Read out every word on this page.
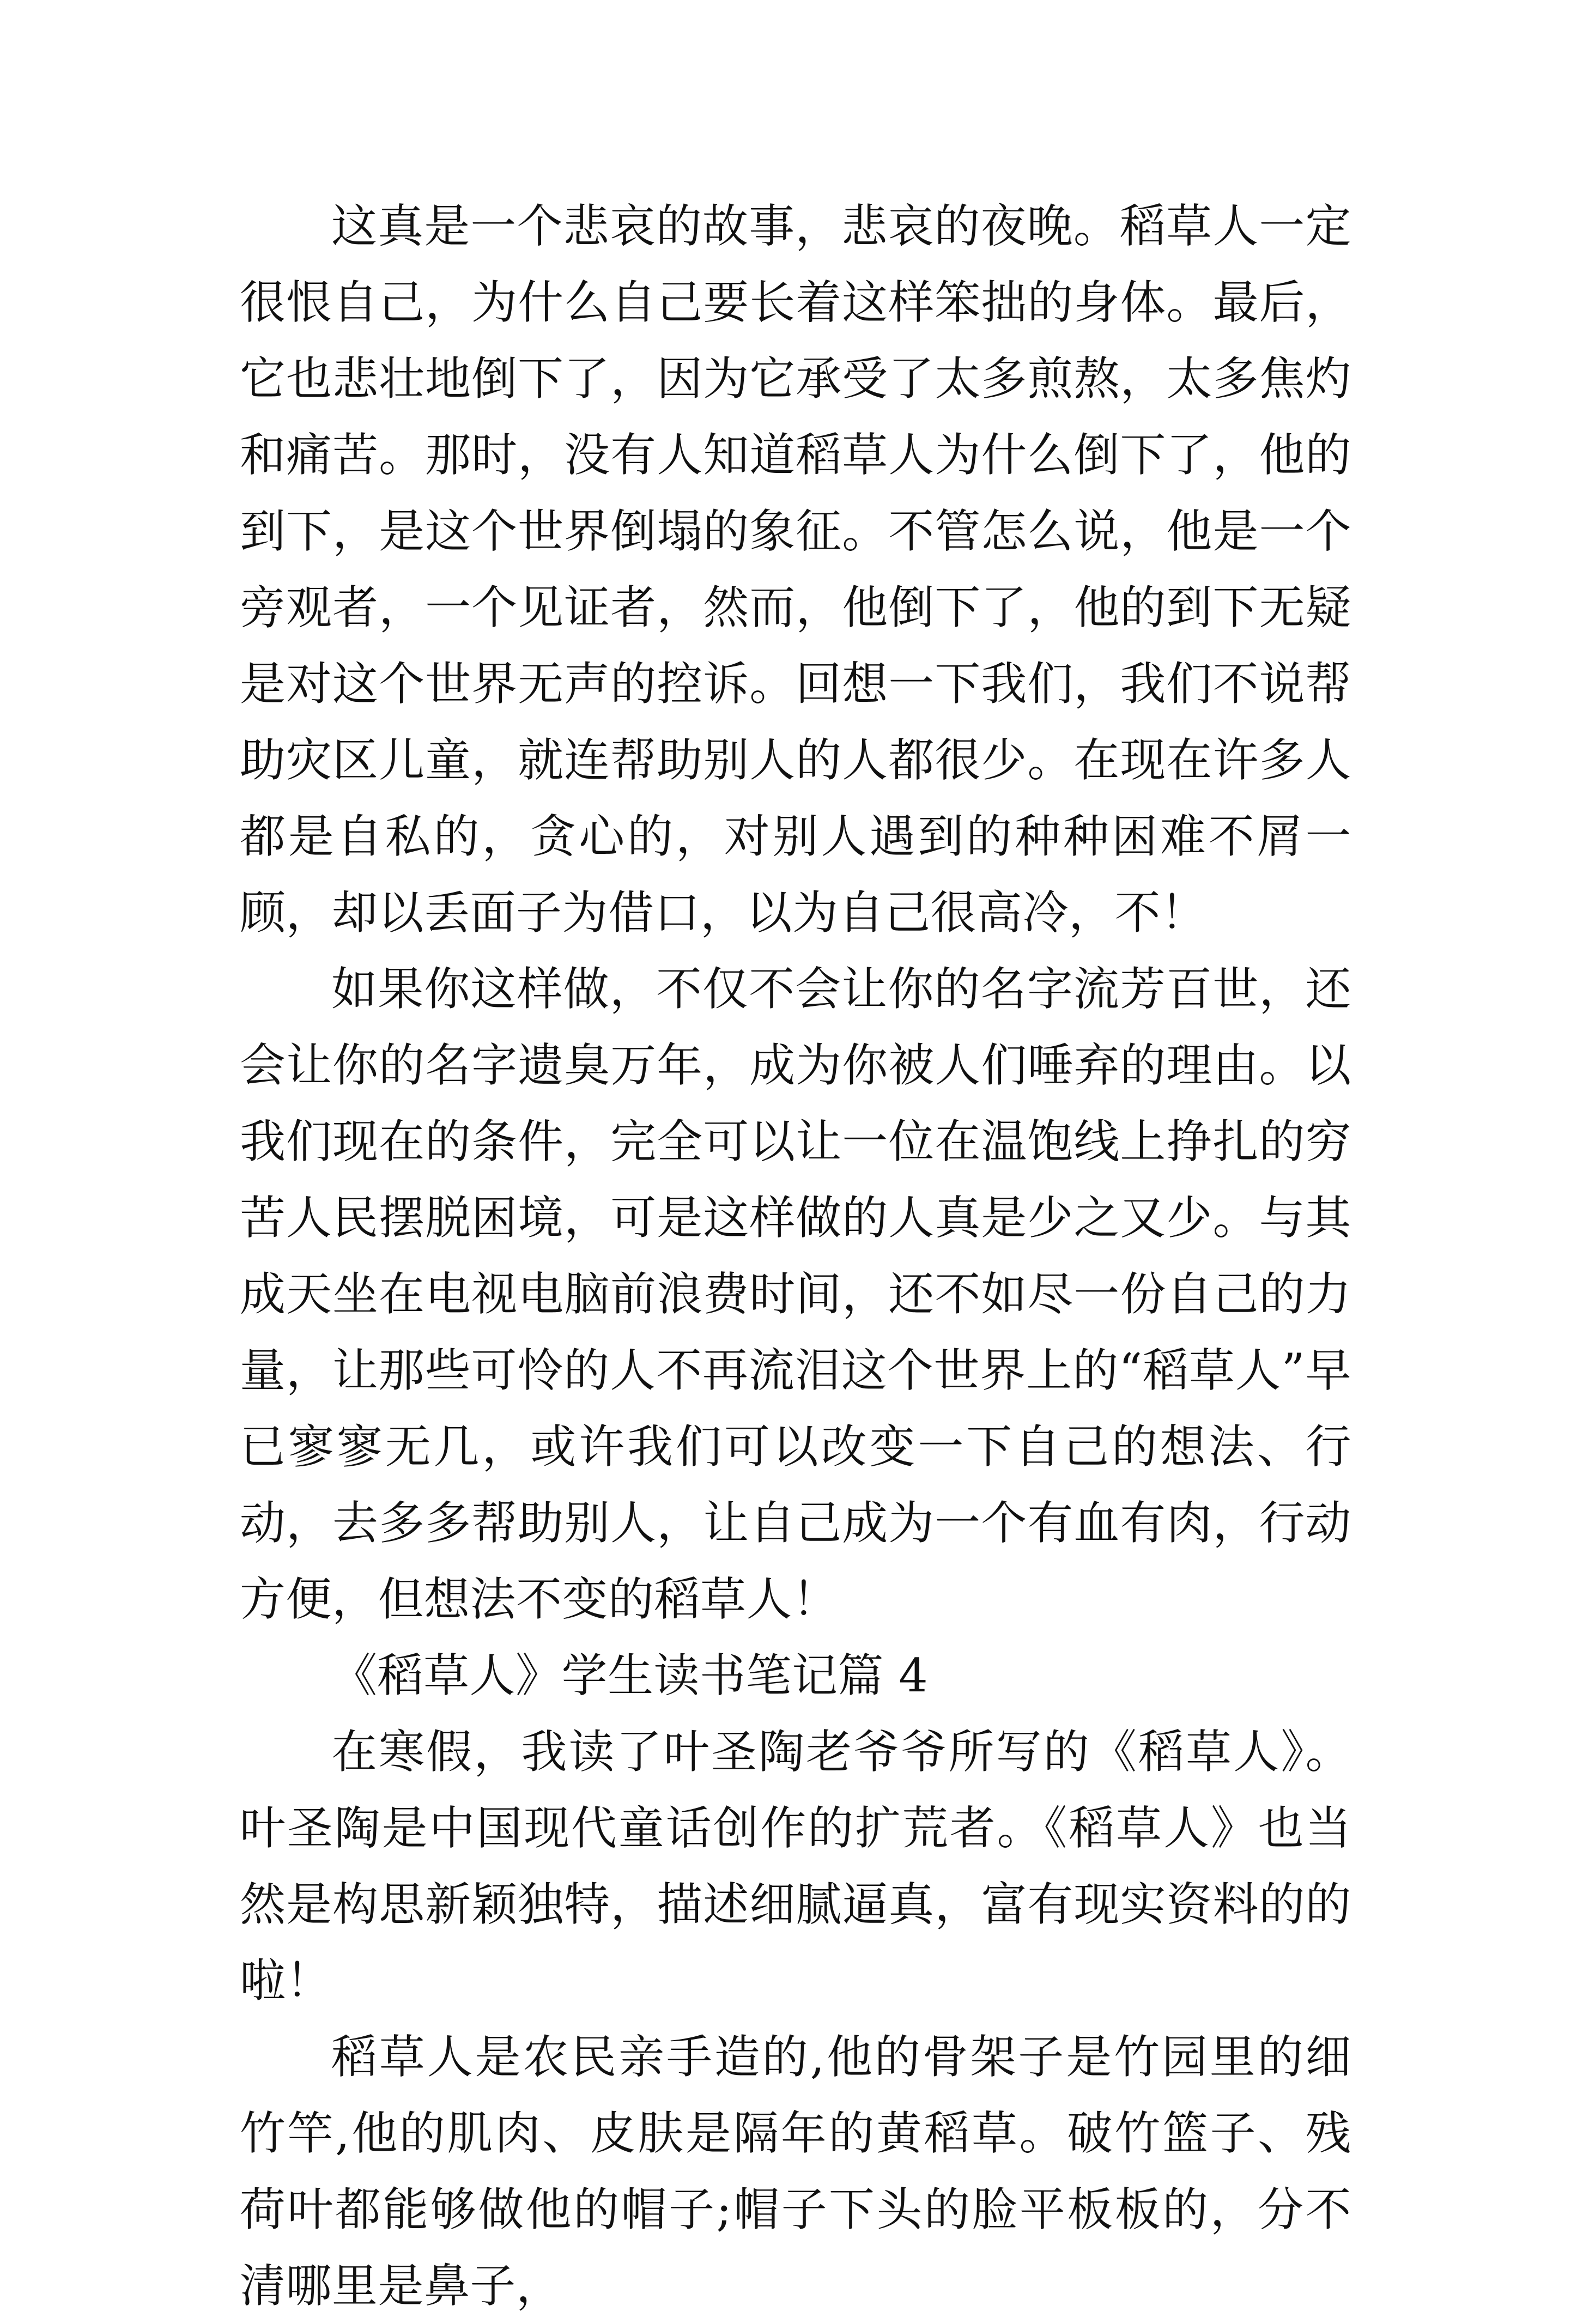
这真是一个悲哀的故事，悲哀的夜晚。稻草人一定很恨自己，为什么自己要长着这样笨拙的身体。最后，它也悲壮地倒下了，因为它承受了太多煎熬，太多焦灼和痛苦。那时，没有人知道稻草人为什么倒下了，他的到下，是这个世界倒塌的象征。不管怎么说，他是一个旁观者，一个见证者，然而，他倒下了，他的到下无疑是对这个世界无声的控诉。回想一下我们，我们不说帮助灾区儿童，就连帮助别人的人都很少。在现在许多人都是自私的，贪心的，对别人遇到的种种困难不屑一顾，却以丢面子为借口，以为自己很高冷，不！

如果你这样做，不仅不会让你的名字流芳百世，还会让你的名字遗臭万年，成为你被人们唾弃的理由。以我们现在的条件，完全可以让一位在温饱线上挣扎的穷苦人民摆脱困境，可是这样做的人真是少之又少。与其成天坐在电视电脑前浪费时间，还不如尽一份自己的力量，让那些可怜的人不再流泪这个世界上的“稻草人”早已寥寥无几，或许我们可以改变一下自己的想法、行动，去多多帮助别人，让自己成为一个有血有肉，行动方便，但想法不变的稻草人！

《稻草人》学生读书笔记篇 4

在寒假，我读了叶圣陶老爷爷所写的《稻草人》。叶圣陶是中国现代童话创作的扩荒者。《稻草人》也当然是构思新颖独特，描述细腻逼真，富有现实资料的的啦！

稻草人是农民亲手造的,他的骨架子是竹园里的细竹竿,他的肌肉、皮肤是隔年的黄稻草。破竹篮子、残荷叶都能够做他的帽子;帽子下头的脸平板板的，分不清哪里是鼻子，
